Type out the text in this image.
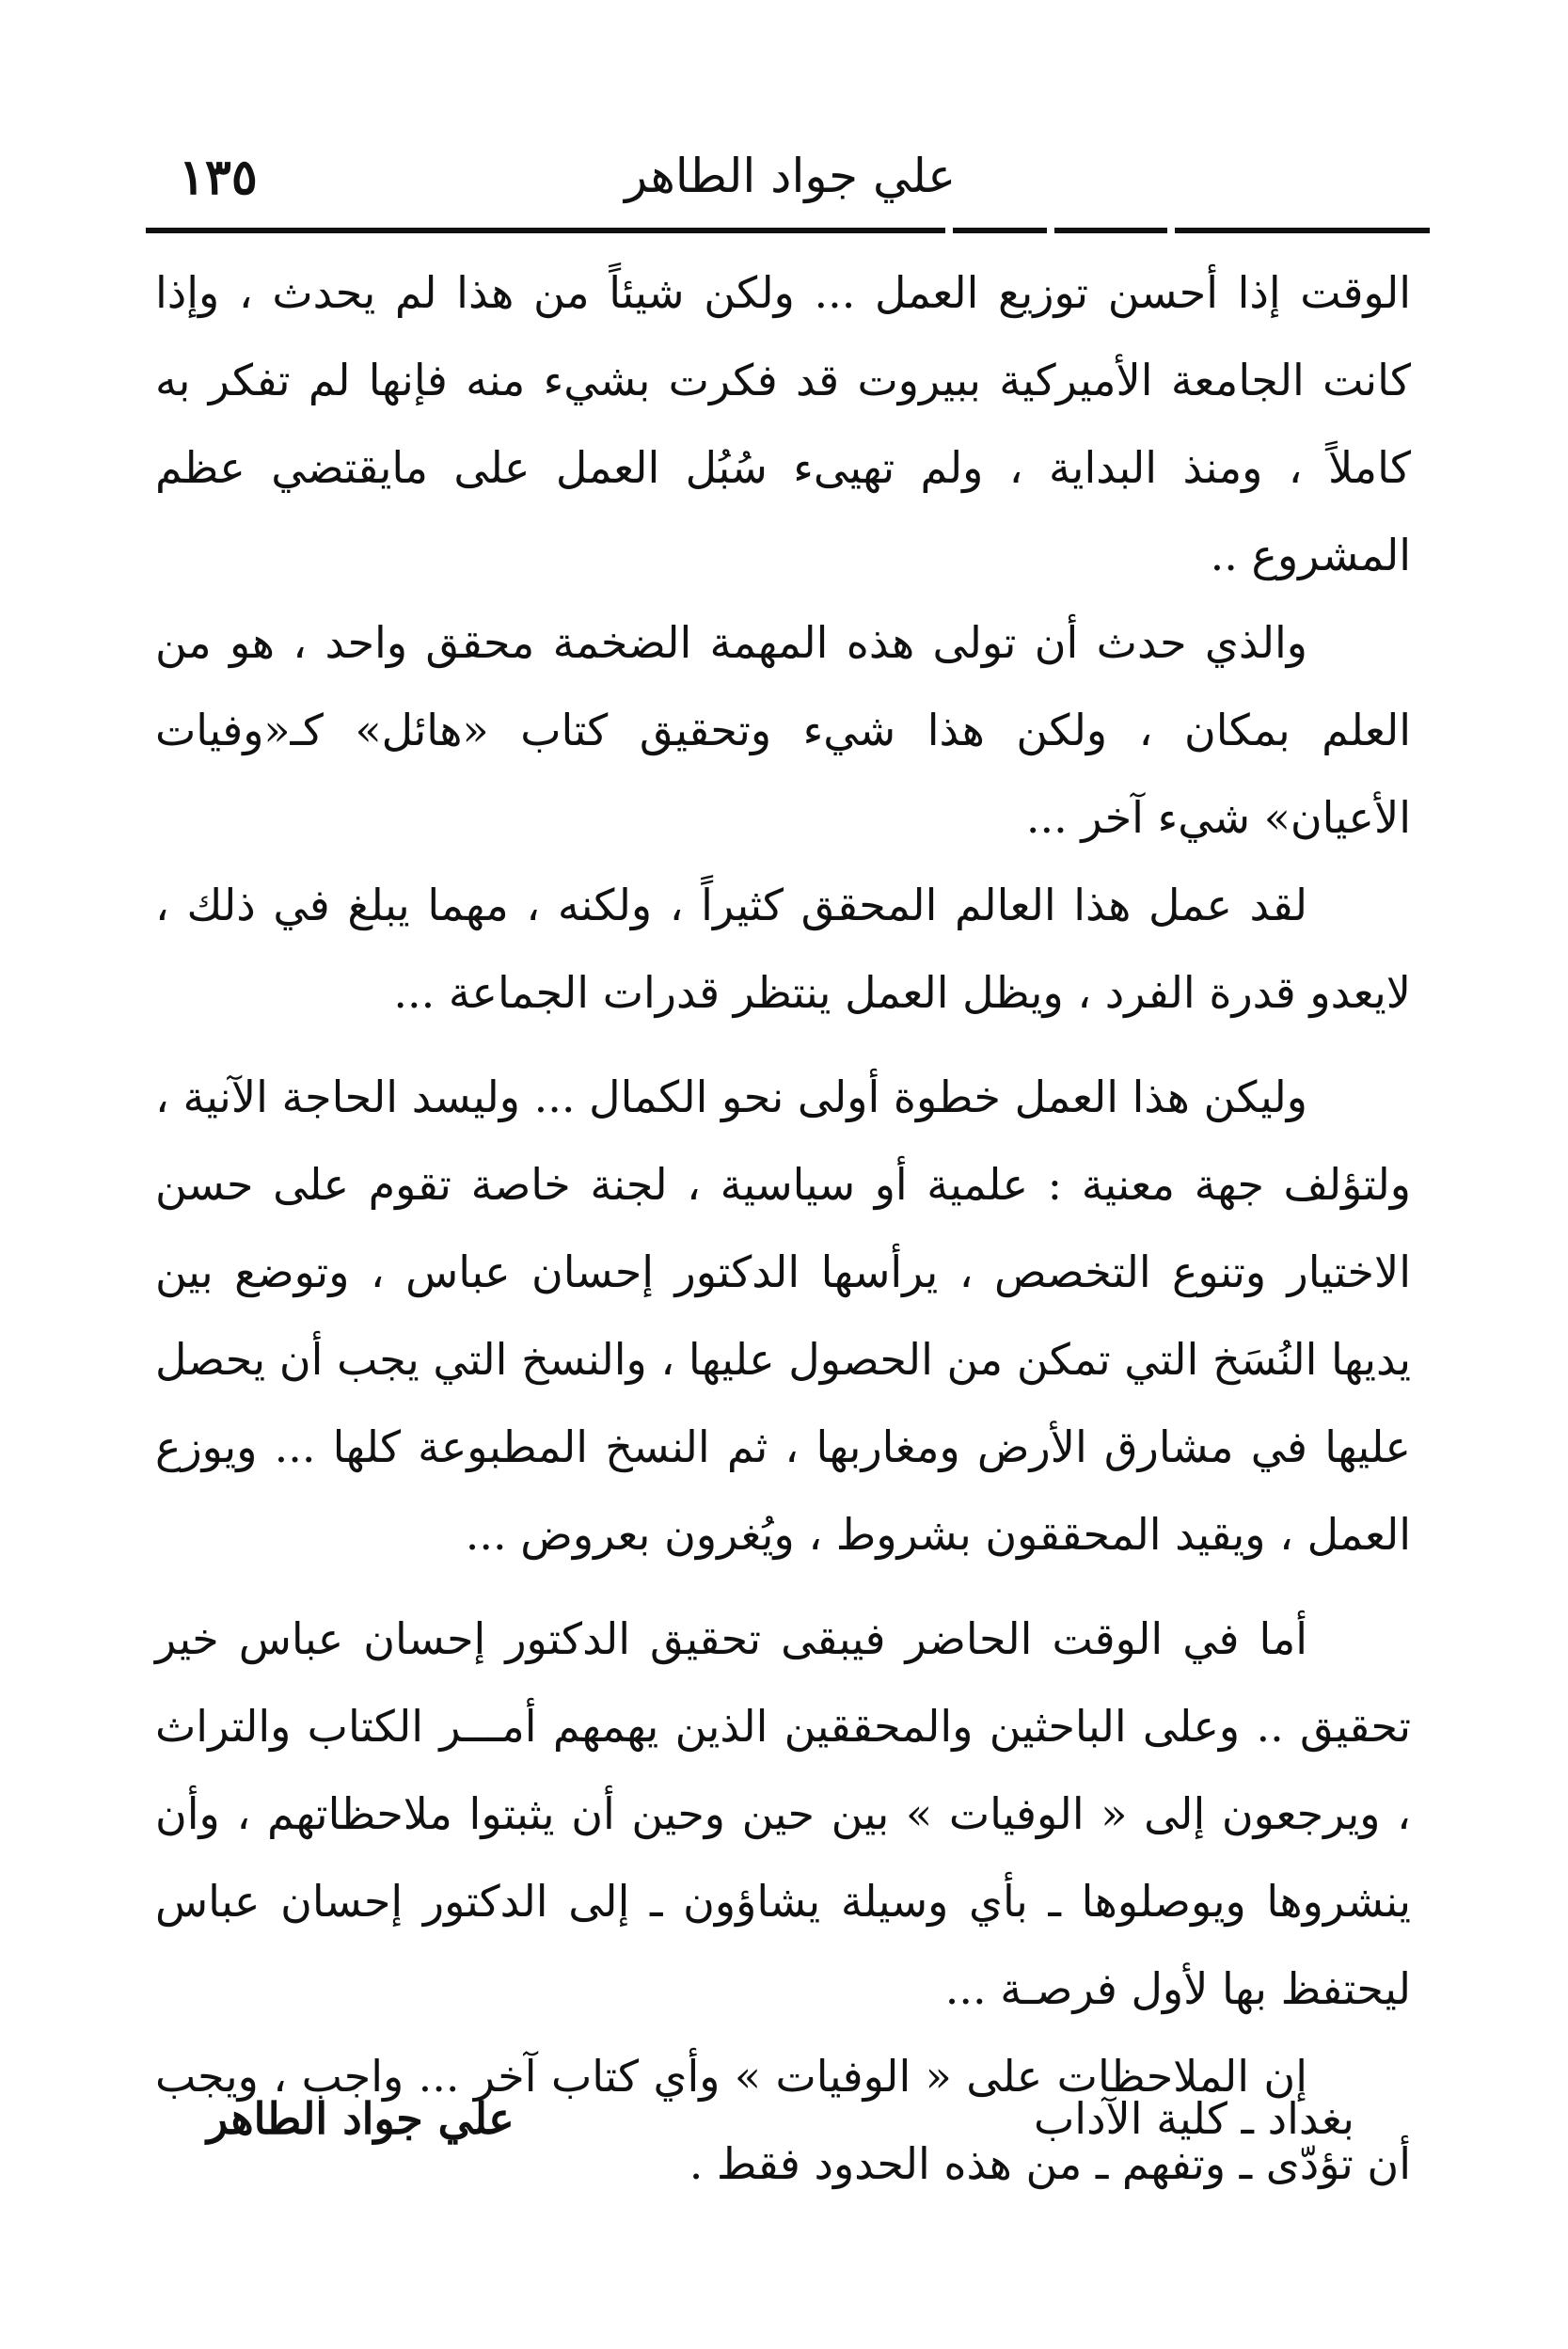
١٣٥	علي جواد الطاهر

الوقت إذا أحسن توزيع العمل ... ولكن شيئاً من هذا لم يحدث ، وإذا كانت الجامعة الأميركية ببيروت قد فكرت بشيء منه فإنها لم تفكر به كاملاً ، ومنذ البداية ، ولم تهيىء سُبُل العمل على مايقتضي عظم المشروع ..

والذي حدث أن تولى هذه المهمة الضخمة محقق واحد ، هو من العلم بمكان ، ولكن هذا شيء وتحقيق كتاب «هائل» كـ«وفيات الأعيان» شيء آخر ...

لقد عمل هذا العالم المحقق كثيراً ، ولكنه ، مهما يبلغ في ذلك ، لايعدو قدرة الفرد ، ويظل العمل ينتظر قدرات الجماعة ...

وليكن هذا العمل خطوة أولى نحو الكمال ... وليسد الحاجة الآنية ، ولتؤلف جهة معنية : علمية أو سياسية ، لجنة خاصة تقوم على حسن الاختيار وتنوع التخصص ، يرأسها الدكتور إحسان عباس ، وتوضع بين يديها النُسَخ التي تمكن من الحصول عليها ، والنسخ التي يجب أن يحصل عليها في مشارق الأرض ومغاربها ، ثم النسخ المطبوعة كلها ... ويوزع العمل ، ويقيد المحققون بشروط ، ويُغرون بعروض ...

أما في الوقت الحاضر فيبقى تحقيق الدكتور إحسان عباس خير تحقيق .. وعلى الباحثين والمحققين الذين يهمهم أمـــر الكتاب والتراث ، ويرجعون إلى « الوفيات » بين حين وحين أن يثبتوا ملاحظاتهم ، وأن ينشروها ويوصلوها ـ بأي وسيلة يشاؤون ـ إلى الدكتور إحسان عباس ليحتفظ بها لأول فرصـة ...

إن الملاحظات على « الوفيات » وأي كتاب آخر ... واجب ، ويجب أن تؤدّى ـ وتفهم ـ من هذه الحدود فقط .

بغداد ـ كلية الآداب
علي جواد الطاهر
